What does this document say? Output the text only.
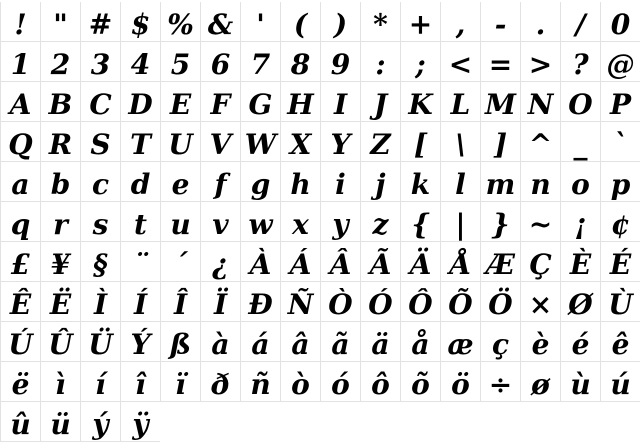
! " # $ % & '	( ) * + ,	-	.	/ 0
1 2 3 4 5 6 7 8 9 :	; < = > ? @
A B C D E F G H I J K L M N O P
Q R S T U V W X Y Z [	\	] ^ _ `
a b c d e f g h i	j k l m n o p
q r s t u v w x y z { | } ~ ¡ ¢
£ ¥ § ¨ ´ ¿ À Á Â Ã Ä Å Æ Ç È É
Ê Ë Ì Í Î Ï Ð Ñ Ò Ó Ô Õ Ö × Ø Ù
Ú Û Ü Ý ß à á â ã ä å æ ç è é ê
ë ì	í	î	ï ð ñ ò ó ô õ ö ÷ ø ù ú
û ü ý ÿ
